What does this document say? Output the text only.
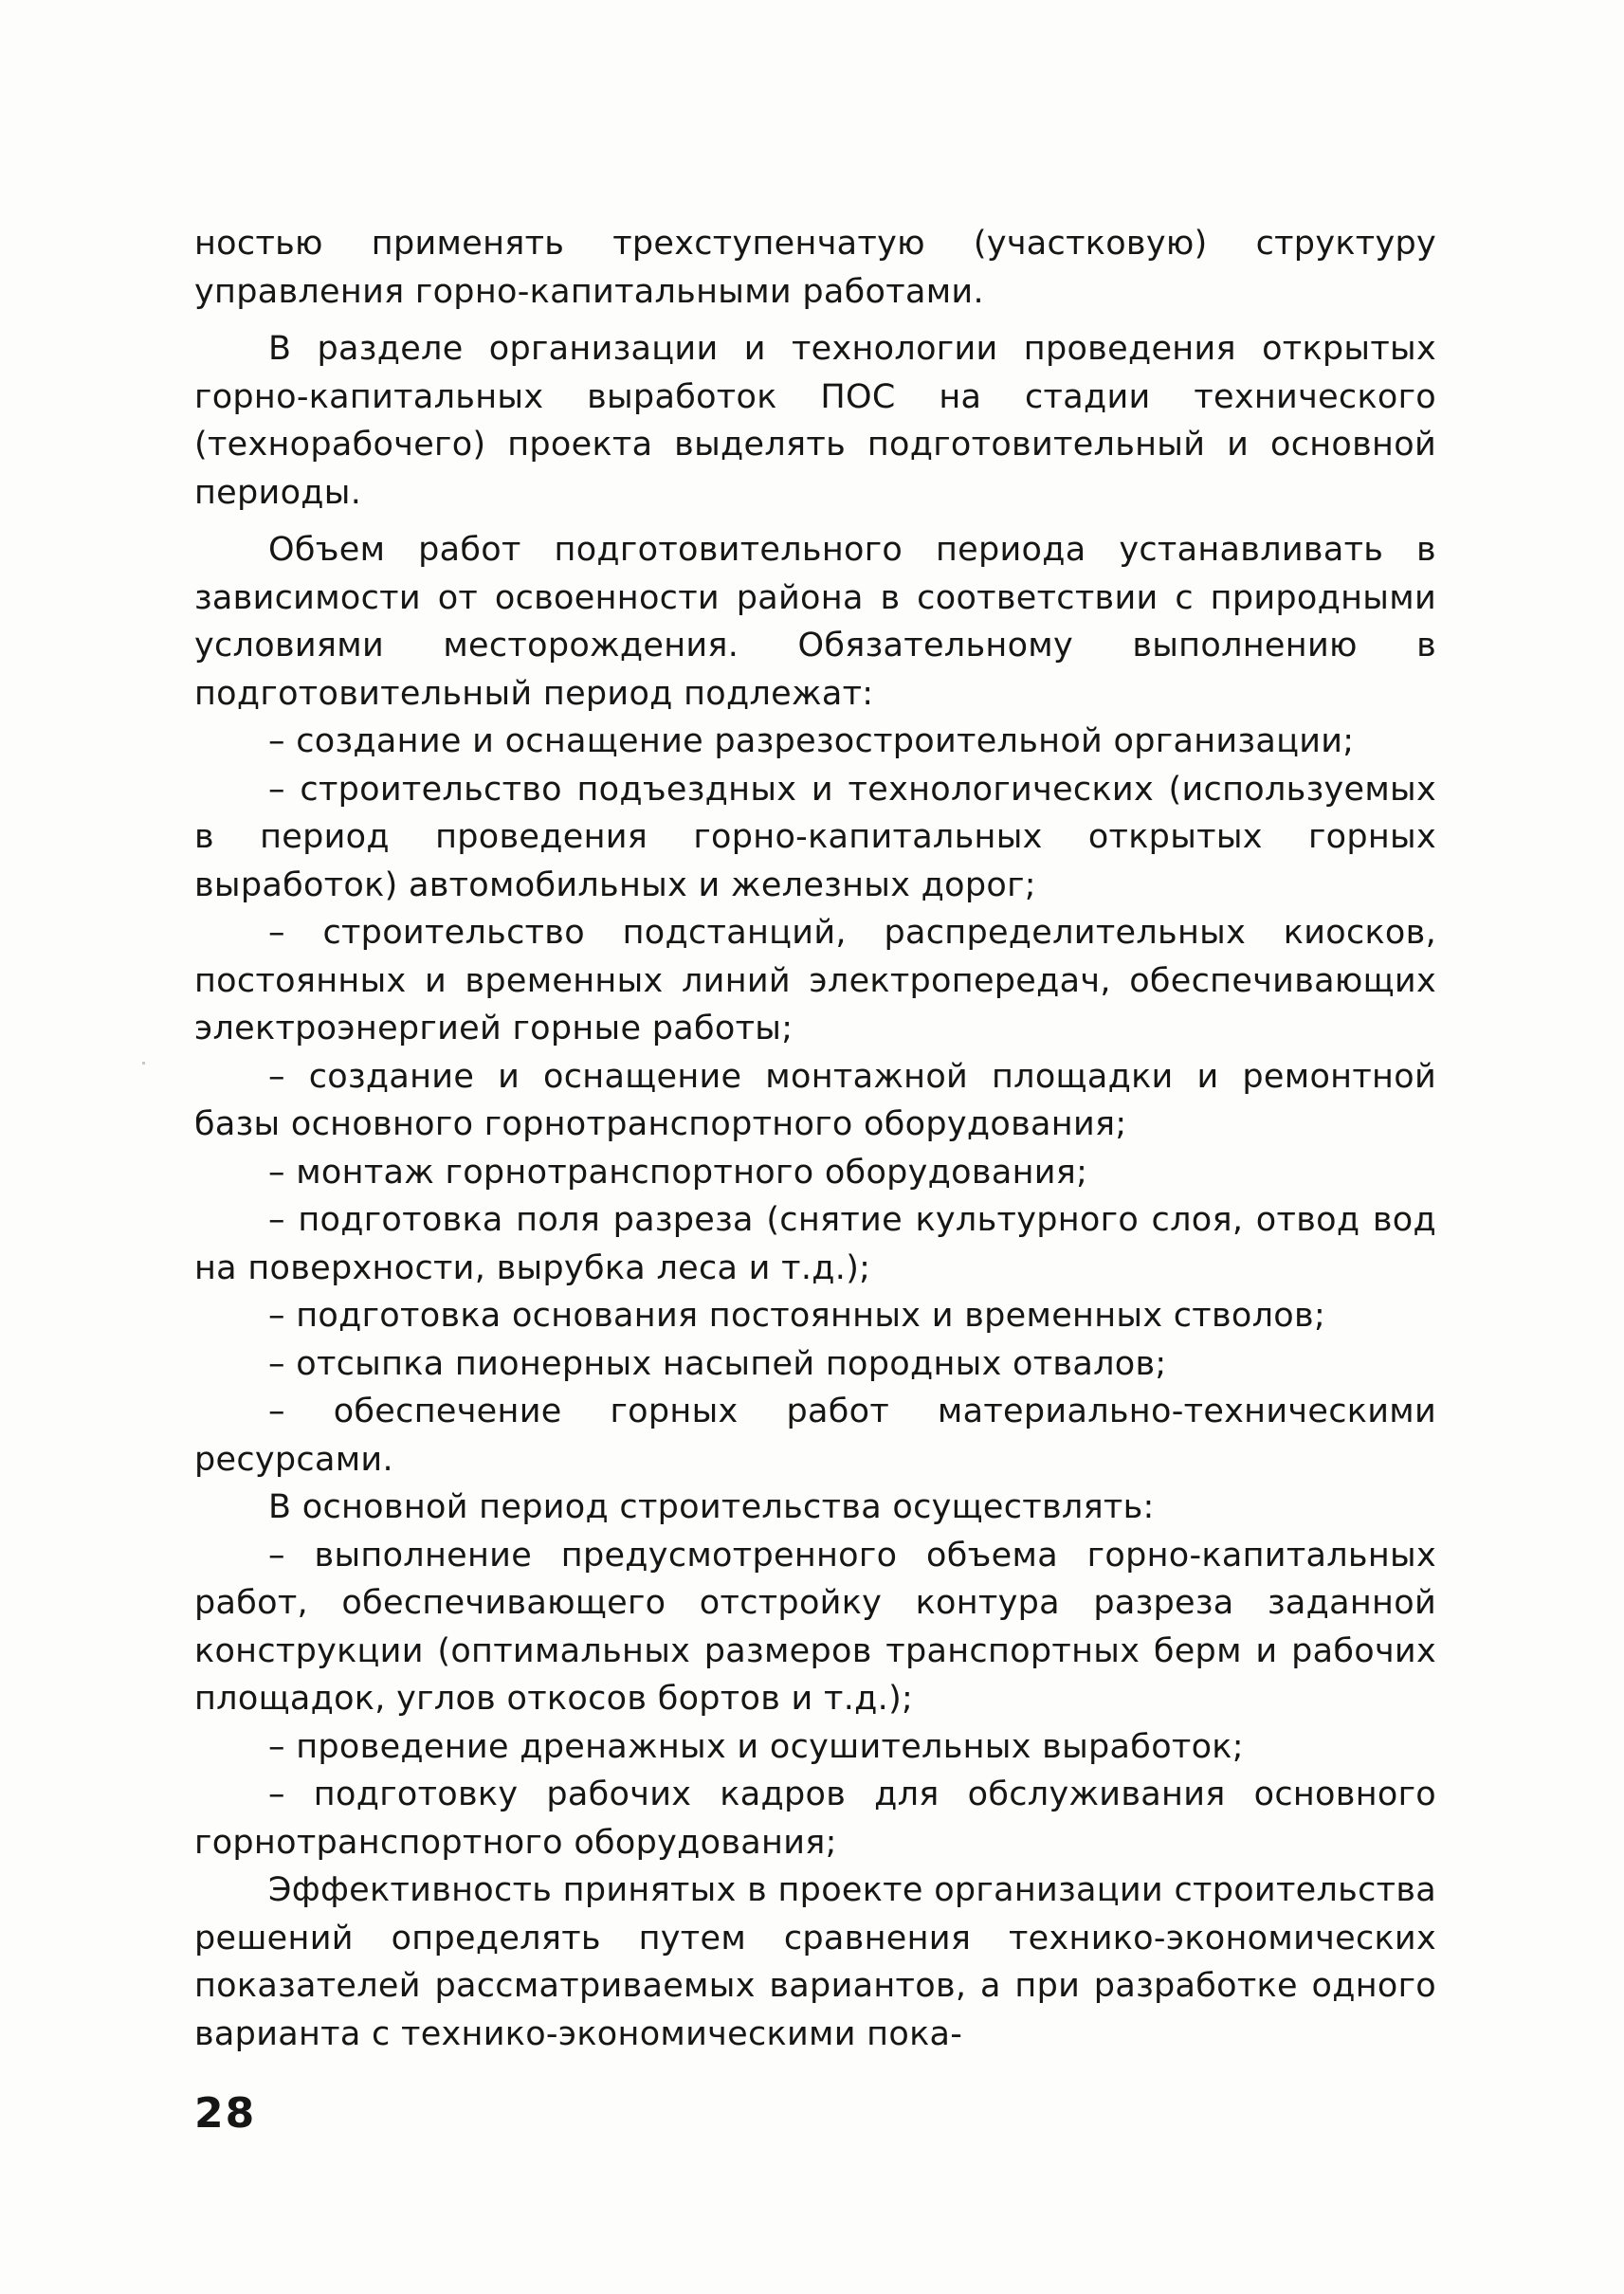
ностью применять трехступенчатую (участковую) структуру управления горно-капитальными работами.

В разделе организации и технологии проведения открытых горно-капитальных выработок ПОС на стадии технического (технорабочего) проекта выделять подготовительный и основной периоды.

Объем работ подготовительного периода устанавливать в зависимости от освоенности района в соответствии с природными условиями месторождения. Обязательному выполнению в подготовительный период подлежат:

– создание и оснащение разрезостроительной организации;

– строительство подъездных и технологических (используемых в период проведения горно-капитальных открытых горных выработок) автомобильных и железных дорог;

– строительство подстанций, распределительных киосков, постоянных и временных линий электропередач, обеспечивающих электроэнергией горные работы;

– создание и оснащение монтажной площадки и ремонтной базы основного горнотранспортного оборудования;

– монтаж горнотранспортного оборудования;

– подготовка поля разреза (снятие культурного слоя, отвод вод на поверхности, вырубка леса и т.д.);

– подготовка основания постоянных и временных стволов;

– отсыпка пионерных насыпей породных отвалов;

– обеспечение горных работ материально-техническими ресурсами.

В основной период строительства осуществлять:

– выполнение предусмотренного объема горно-капитальных работ, обеспечивающего отстройку контура разреза заданной конструкции (оптимальных размеров транспортных берм и рабочих площадок, углов откосов бортов и т.д.);

– проведение дренажных и осушительных выработок;

– подготовку рабочих кадров для обслуживания основного горнотранспортного оборудования;

Эффективность принятых в проекте организации строительства решений определять путем сравнения технико-экономических показателей рассматриваемых вариантов, а при разработке одного варианта с технико-экономическими пока-

28
